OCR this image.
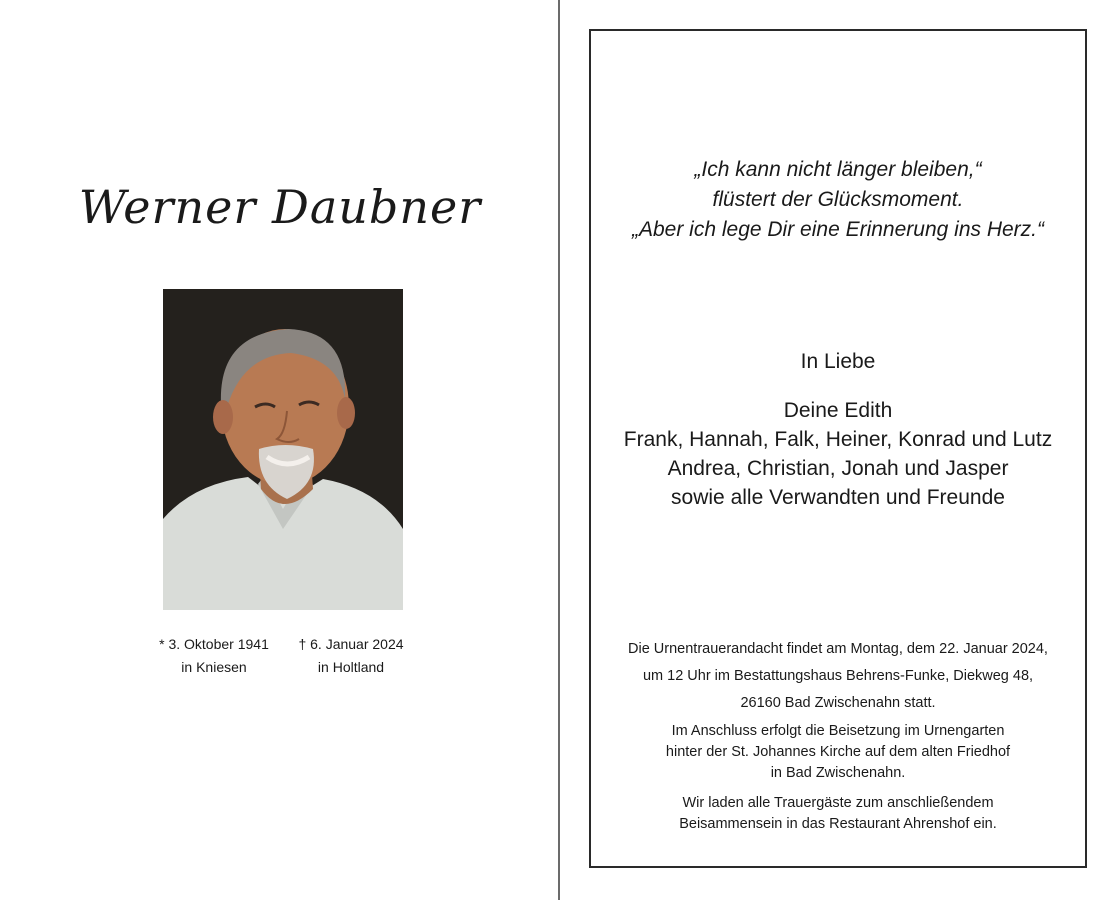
Werner Daubner
* 3. Oktober 1941
in Kniesen
† 6. Januar 2024
in Holtland
„Ich kann nicht länger bleiben,“
flüstert der Glücksmoment.
„Aber ich lege Dir eine Erinnerung ins Herz.“
In Liebe
Deine Edith
Frank, Hannah, Falk, Heiner, Konrad und Lutz
Andrea, Christian, Jonah und Jasper
sowie alle Verwandten und Freunde
Die Urnentrauerandacht findet am Montag, dem 22. Januar 2024,
um 12 Uhr im Bestattungshaus Behrens-Funke, Diekweg 48,
26160 Bad Zwischenahn statt.
Im Anschluss erfolgt die Beisetzung im Urnengarten
hinter der St. Johannes Kirche auf dem alten Friedhof
in Bad Zwischenahn.
Wir laden alle Trauergäste zum anschließendem
Beisammensein in das Restaurant Ahrenshof ein.
